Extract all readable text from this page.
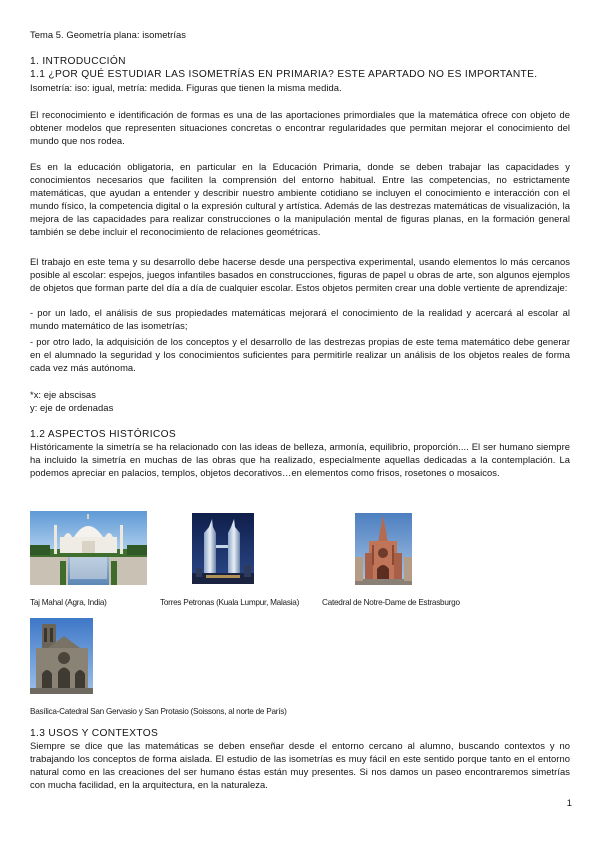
Tema 5. Geometría plana: isometrías
1. INTRODUCCIÓN
1.1 ¿POR QUÉ ESTUDIAR LAS ISOMETRÍAS EN PRIMARIA? ESTE APARTADO NO ES IMPORTANTE.

Isometría: iso: igual, metría: medida. Figuras que tienen la misma medida.

El reconocimiento e identificación de formas es una de las aportaciones primordiales que la matemática ofrece con objeto de obtener modelos que representen situaciones concretas o encontrar regularidades que permitan mejorar el conocimiento del mundo que nos rodea.

Es en la educación obligatoria, en particular en la Educación Primaria, donde se deben trabajar las capacidades y conocimientos necesarios que faciliten la comprensión del entorno habitual. Entre las competencias, no estrictamente matemáticas, que ayudan a entender y describir nuestro ambiente cotidiano se incluyen el conocimiento e interacción con el mundo físico, la competencia digital o la expresión cultural y artística. Además de las destrezas matemáticas de visualización, la mejora de las capacidades para realizar construcciones o la manipulación mental de figuras planas, en la formación general también se debe incluir el reconocimiento de relaciones geométricas.

El trabajo en este tema y su desarrollo debe hacerse desde una perspectiva experimental, usando elementos lo más cercanos posible al escolar: espejos, juegos infantiles basados en construcciones, figuras de papel u obras de arte, son algunos ejemplos de objetos que forman parte del día a día de cualquier escolar. Estos objetos permiten crear una doble vertiente de aprendizaje:

- por un lado, el análisis de sus propiedades matemáticas mejorará el conocimiento de la realidad y acercará al escolar al mundo matemático de las isometrías;

- por otro lado, la adquisición de los conceptos y el desarrollo de las destrezas propias de este tema matemático debe generar en el alumnado la seguridad y los conocimientos suficientes para permitirle realizar un análisis de los objetos reales de forma cada vez más autónoma.

*x: eje abscisas

y: eje de ordenadas

1.2 ASPECTOS HISTÓRICOS

Históricamente la simetría se ha relacionado con las ideas de belleza, armonía, equilibrio, proporción.... El ser humano siempre ha incluido la simetría en muchas de las obras que ha realizado, especialmente aquellas dedicadas a la contemplación. La podemos apreciar en palacios, templos, objetos decorativos…en elementos como frisos, rosetones o mosaicos.

Taj Mahal (Agra, India)	Torres Petronas (Kuala Lumpur, Malasia)	Catedral de Notre-Dame de Estrasburgo
Basílica-Catedral San Gervasio y San Protasio (Soissons, al norte de París)
1.3 USOS Y CONTEXTOS

Siempre se dice que las matemáticas se deben enseñar desde el entorno cercano al alumno, buscando contextos y no trabajando los conceptos de forma aislada. El estudio de las isometrías es muy fácil en este sentido porque tanto en el entorno natural como en las creaciones del ser humano éstas están muy presentes. Si nos damos un paseo encontraremos simetrías con mucha facilidad, en la arquitectura, en la naturaleza.

1
